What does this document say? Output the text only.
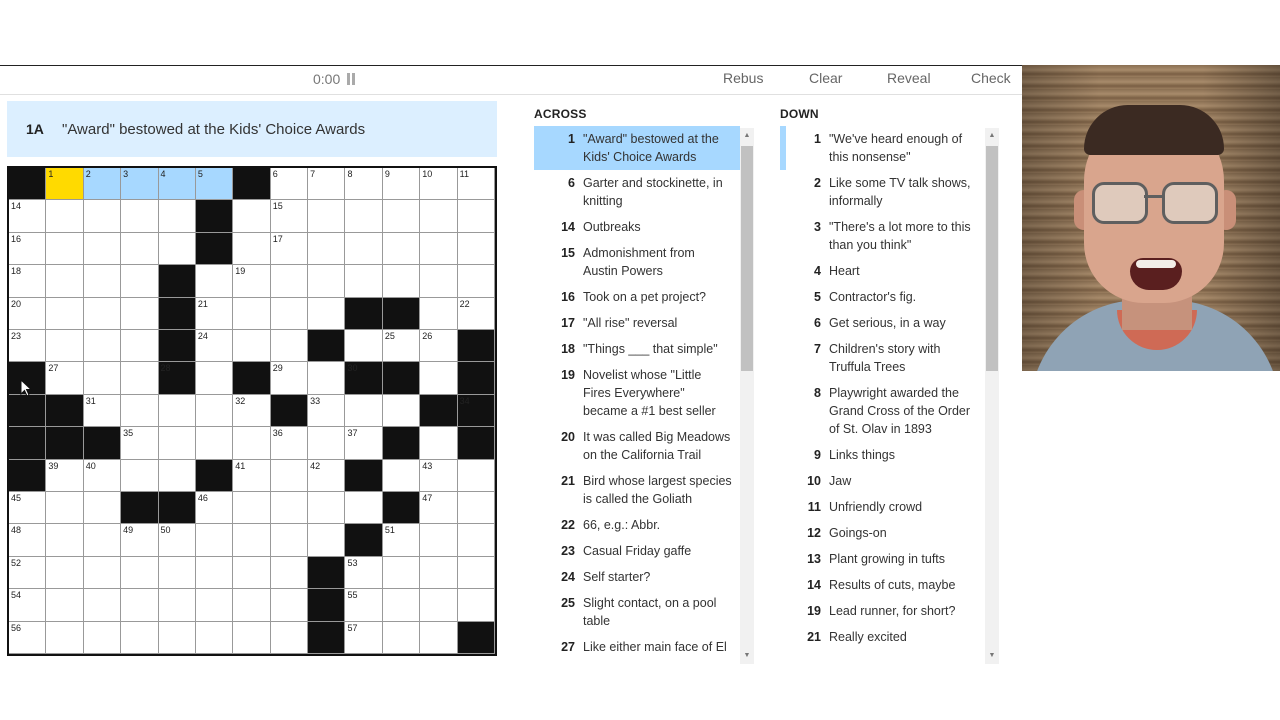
0:00	Rebus	Clear	Reveal	Check
1A	"Award" bestowed at the Kids' Choice Awards
1	2	3	4	5	6	7	8	9	10	11
14	15
16	17
18	19
20	21	22
23	24	25	26
27	28	29	30
31	32	33	34
35	36	37
39	40	41	42	43
45	46	47
48	49	50	51
52	53
54	55
56	57
ACROSS
1 "Award" bestowed at the Kids' Choice Awards
6 Garter and stockinette, in knitting
14 Outbreaks
15 Admonishment from Austin Powers
16 Took on a pet project?
17 "All rise" reversal
18 "Things ___ that simple"
19 Novelist whose "Little Fires Everywhere" became a #1 best seller
20 It was called Big Meadows on the California Trail
21 Bird whose largest species is called the Goliath
22 66, e.g.: Abbr.
23 Casual Friday gaffe
24 Self starter?
25 Slight contact, on a pool table
27 Like either main face of El
▲
▼
DOWN
1 "We've heard enough of this nonsense"
2 Like some TV talk shows, informally
3 "There's a lot more to this than you think"
4 Heart
5 Contractor's fig.
6 Get serious, in a way
7 Children's story with Truffula Trees
8 Playwright awarded the Grand Cross of the Order of St. Olav in 1893
9 Links things
10 Jaw
11 Unfriendly crowd
12 Goings-on
13 Plant growing in tufts
14 Results of cuts, maybe
19 Lead runner, for short?
21 Really excited
▲
▼
